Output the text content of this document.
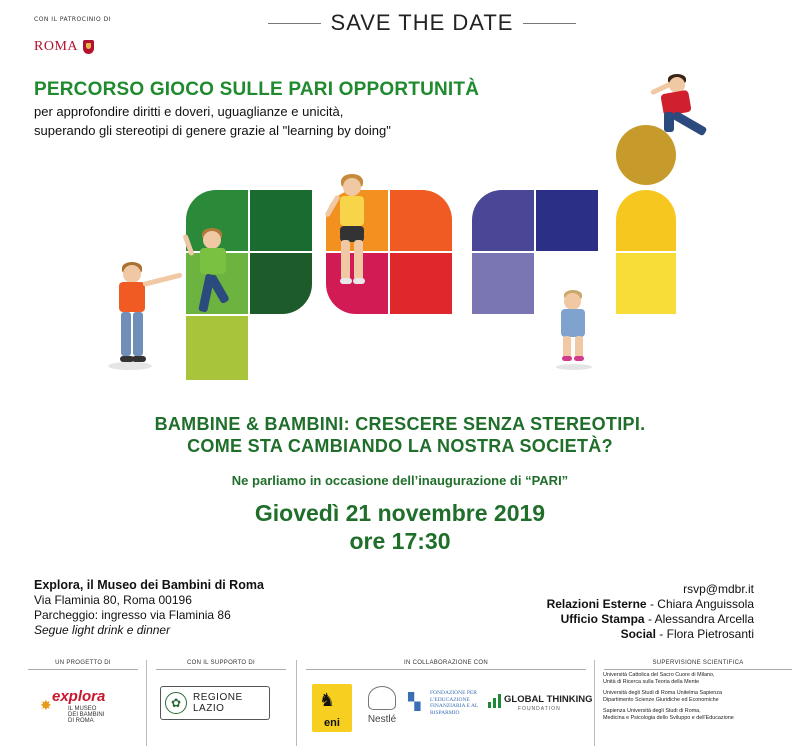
CON IL PATROCINIO DI
ROMA
SAVE THE DATE
PERCORSO GIOCO SULLE PARI OPPORTUNITÀ
per approfondire diritti e doveri, uguaglianze e unicità,
superando gli stereotipi di genere grazie al "learning by doing"
BAMBINE & BAMBINI: CRESCERE SENZA STEREOTIPI.
COME STA CAMBIANDO LA NOSTRA SOCIETÀ?
Ne parliamo in occasione dell’inaugurazione di “PARI”
Giovedì 21 novembre 2019
ore 17:30
Explora, il Museo dei Bambini di Roma
Via Flaminia 80, Roma 00196
Parcheggio: ingresso via Flaminia 86
Segue light drink e dinner
rsvp@mdbr.it
Relazioni Esterne - Chiara Anguissola
Ufficio Stampa - Alessandra Arcella
Social - Flora Pietrosanti
UN PROGETTO DI
✸
explora
IL MUSEO DEI BAMBINI DI ROMA
CON IL SUPPORTO DI
✿	REGIONE
LAZIO
IN COLLABORAZIONE CON
♞
eni	Nestlé
▚ FONDAZIONE PER L'EDUCAZIONE FINANZIARIA E AL RISPARMIO
GLOBAL THINKING
FOUNDATION
SUPERVISIONE SCIENTIFICA

Università Cattolica del Sacro Cuore di Milano,
Unità di Ricerca sulla Teoria della Mente

Università degli Studi di Roma Unitelma Sapienza
Dipartimento Scienze Giuridiche ed Economiche

Sapienza Università degli Studi di Roma,
Medicina e Psicologia dello Sviluppo e dell'Educazione
